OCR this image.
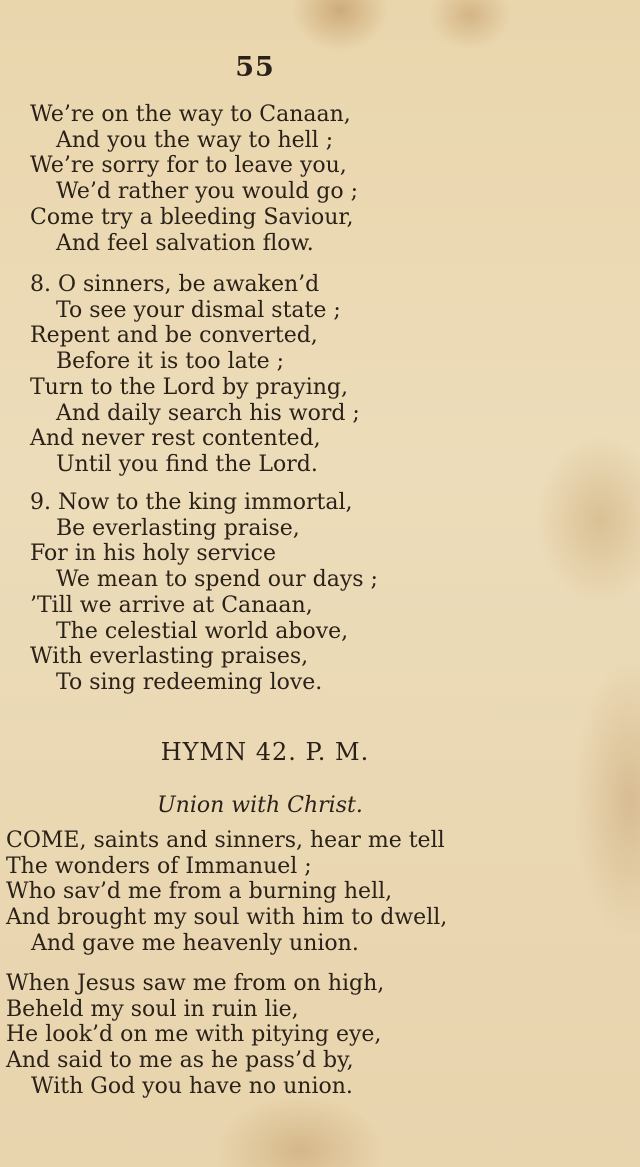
55
We’re on the way to Canaan,
And you the way to hell ;
We’re sorry for to leave you,
We’d rather you would go ;
Come try a bleeding Saviour,
And feel salvation flow.
8. O sinners, be awaken’d
To see your dismal state ;
Repent and be converted,
Before it is too late ;
Turn to the Lord by praying,
And daily search his word ;
And never rest contented,
Until you find the Lord.
9. Now to the king immortal,
Be everlasting praise,
For in his holy service
We mean to spend our days ;
’Till we arrive at Canaan,
The celestial world above,
With everlasting praises,
To sing redeeming love.
HYMN 42. P. M.
Union with Christ.
COME, saints and sinners, hear me tell
The wonders of Immanuel ;
Who sav’d me from a burning hell,
And brought my soul with him to dwell,
And gave me heavenly union.
When Jesus saw me from on high,
Beheld my soul in ruin lie,
He look’d on me with pitying eye,
And said to me as he pass’d by,
With God you have no union.
